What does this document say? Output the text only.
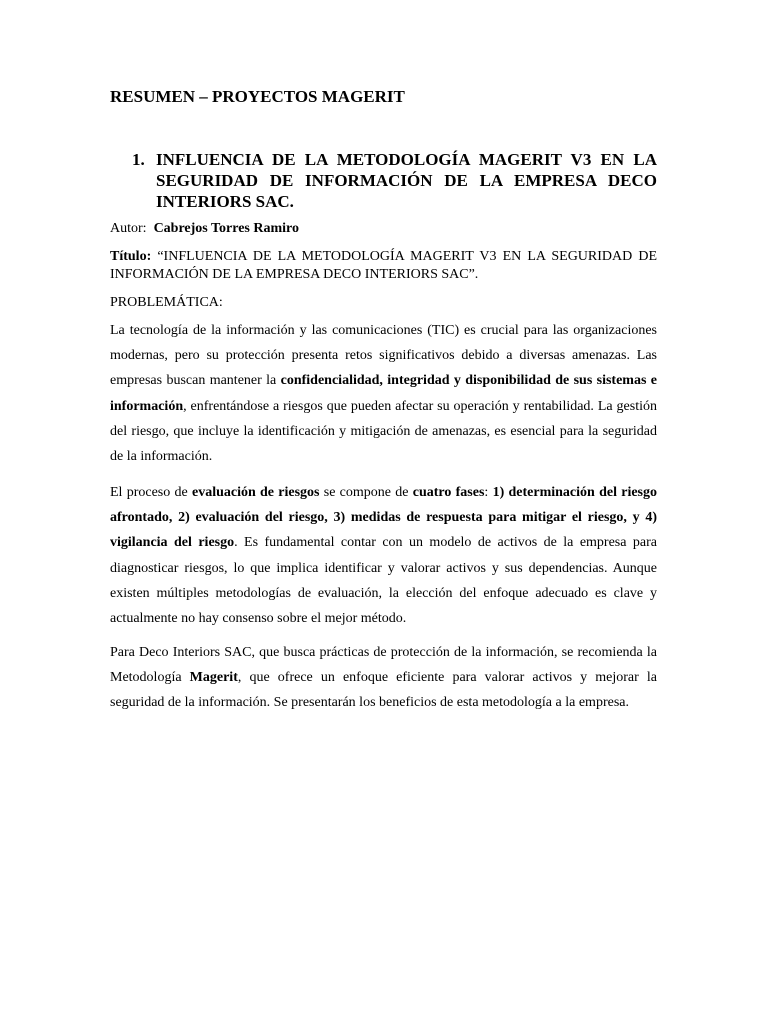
RESUMEN – PROYECTOS MAGERIT
1. INFLUENCIA DE LA METODOLOGÍA MAGERIT V3 EN LA SEGURIDAD DE INFORMACIÓN DE LA EMPRESA DECO INTERIORS SAC.

Autor: Cabrejos Torres Ramiro

Título: “INFLUENCIA DE LA METODOLOGÍA MAGERIT V3 EN LA SEGURIDAD DE INFORMACIÓN DE LA EMPRESA DECO INTERIORS SAC”.

PROBLEMÁTICA:

La tecnología de la información y las comunicaciones (TIC) es crucial para las organizaciones modernas, pero su protección presenta retos significativos debido a diversas amenazas. Las empresas buscan mantener la confidencialidad, integridad y disponibilidad de sus sistemas e información, enfrentándose a riesgos que pueden afectar su operación y rentabilidad. La gestión del riesgo, que incluye la identificación y mitigación de amenazas, es esencial para la seguridad de la información.

El proceso de evaluación de riesgos se compone de cuatro fases: 1) determinación del riesgo afrontado, 2) evaluación del riesgo, 3) medidas de respuesta para mitigar el riesgo, y 4) vigilancia del riesgo. Es fundamental contar con un modelo de activos de la empresa para diagnosticar riesgos, lo que implica identificar y valorar activos y sus dependencias. Aunque existen múltiples metodologías de evaluación, la elección del enfoque adecuado es clave y actualmente no hay consenso sobre el mejor método.

Para Deco Interiors SAC, que busca prácticas de protección de la información, se recomienda la Metodología Magerit, que ofrece un enfoque eficiente para valorar activos y mejorar la seguridad de la información. Se presentarán los beneficios de esta metodología a la empresa.
